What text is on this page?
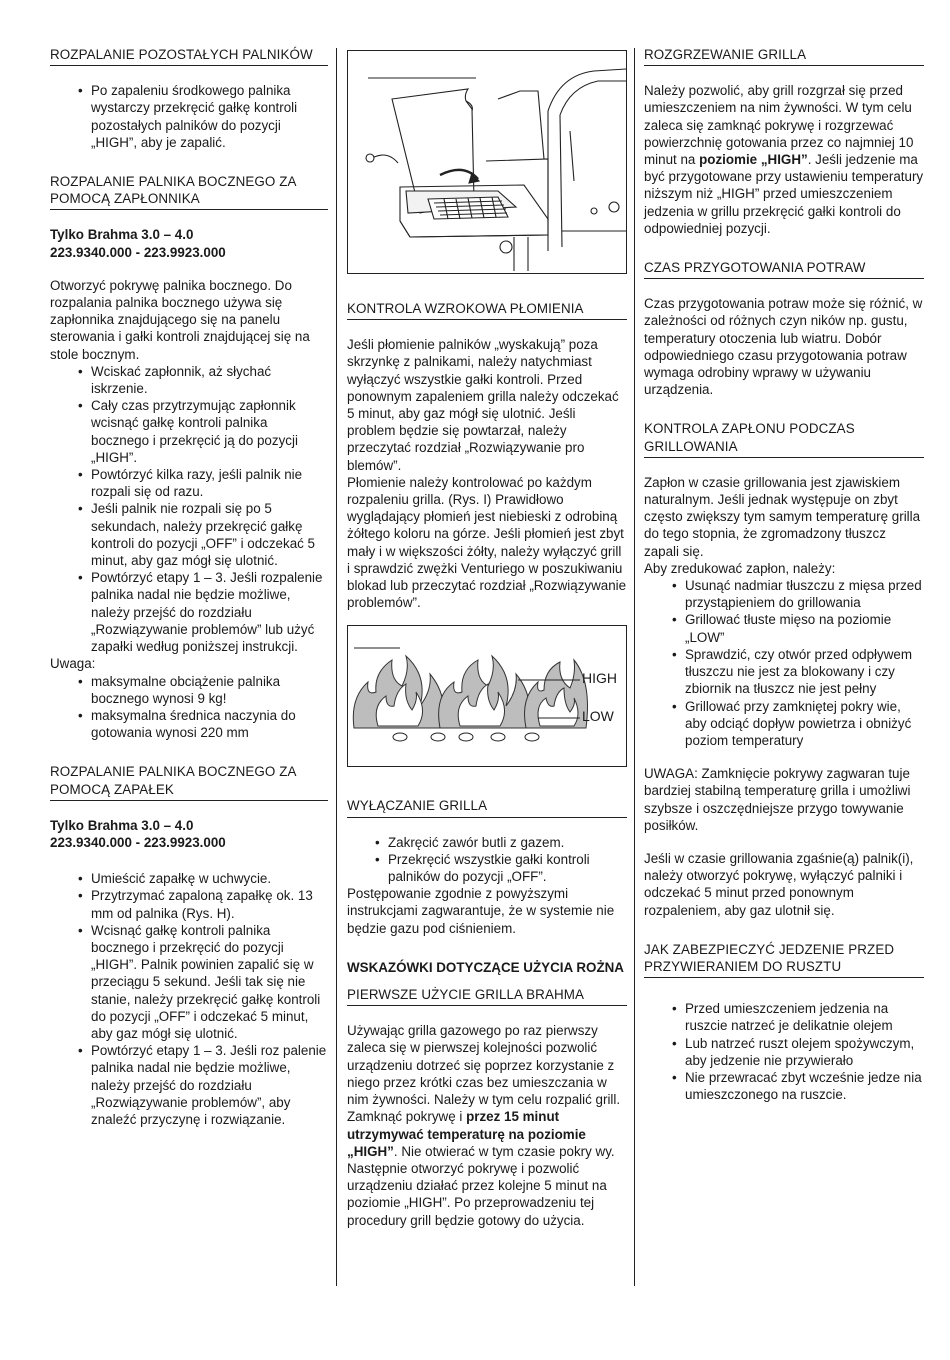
ROZPALANIE POZOSTAŁYCH PALNIKÓW
• Po zapaleniu środkowego palnika wystarczy przekręcić gałkę kontroli pozostałych palników do pozycji „HIGH”, aby je zapalić.
ROZPALANIE PALNIKA BOCZNEGO ZA POMOCĄ ZAPŁONNIKA
Tylko Brahma 3.0 – 4.0
223.9340.000 - 223.9923.000

Otworzyć pokrywę palnika bocznego. Do rozpalania palnika bocznego używa się zapłonnika znajdującego się na panelu sterowania i gałki kontroli znajdującej się na stole bocznym.

• Wciskać zapłonnik, aż słychać iskrzenie.
• Cały czas przytrzymując zapłonnik wcisnąć gałkę kontroli palnika bocznego i przekręcić ją do pozycji „HIGH”.
• Powtórzyć kilka razy, jeśli palnik nie rozpali się od razu.
• Jeśli palnik nie rozpali się po 5 sekundach, należy przekręcić gałkę kontroli do pozycji „OFF” i odczekać 5 minut, aby gaz mógł się ulotnić.
• Powtórzyć etapy 1 – 3. Jeśli rozpalenie palnika nadal nie będzie możliwe, należy przejść do rozdziału „Rozwiązywanie problemów” lub użyć zapałki według poniższej instrukcji.
Uwaga:
• maksymalne obciążenie palnika bocznego wynosi 9 kg!
• maksymalna średnica naczynia do gotowania wynosi 220 mm
ROZPALANIE PALNIKA BOCZNEGO ZA POMOCĄ ZAPAŁEK
Tylko Brahma 3.0 – 4.0
223.9340.000 - 223.9923.000
• Umieścić zapałkę w uchwycie.
• Przytrzymać zapaloną zapałkę ok. 13 mm od palnika (Rys. H).
• Wcisnąć gałkę kontroli palnika bocznego i przekręcić do pozycji „HIGH”. Palnik powinien zapalić się w przeciągu 5 sekund. Jeśli tak się nie stanie, należy przekręcić gałkę kontroli do pozycji „OFF” i odczekać 5 minut, aby gaz mógł się ulotnić.
• Powtórzyć etapy 1 – 3. Jeśli roz palenie palnika nadal nie będzie możliwe, należy przejść do rozdziału „Rozwiązywanie problemów”, aby znaleźć przyczynę i rozwiązanie.
KONTROLA WZROKOWA PŁOMIENIA

Jeśli płomienie palników „wyskakują” poza skrzynkę z palnikami, należy natychmiast wyłączyć wszystkie gałki kontroli. Przed ponownym zapaleniem grilla należy odczekać 5 minut, aby gaz mógł się ulotnić. Jeśli problem będzie się powtarzał, należy przeczytać rozdział „Rozwiązywanie pro blemów”.

Płomienie należy kontrolować po każdym rozpaleniu grilla. (Rys. I) Prawidłowo wyglądający płomień jest niebieski z odrobiną żółtego koloru na górze. Jeśli płomień jest zbyt mały i w większości żółty, należy wyłączyć grill i sprawdzić zwężki Venturiego w poszukiwaniu blokad lub przeczytać rozdział „Rozwiązywanie problemów”.

HIGH
LOW
WYŁĄCZANIE GRILLA
• Zakręcić zawór butli z gazem.
• Przekręcić wszystkie gałki kontroli palników do pozycji „OFF”.

Postępowanie zgodnie z powyższymi instrukcjami zagwarantuje, że w systemie nie będzie gazu pod ciśnieniem.

WSKAZÓWKI DOTYCZĄCE UŻYCIA ROŻNA
PIERWSZE UŻYCIE GRILLA BRAHMA

Używając grilla gazowego po raz pierwszy zaleca się w pierwszej kolejności pozwolić urządzeniu dotrzeć się poprzez korzystanie z niego przez krótki czas bez umieszczania w nim żywności. Należy w tym celu rozpalić grill. Zamknąć pokrywę i przez 15 minut utrzymywać temperaturę na poziomie „HIGH”. Nie otwierać w tym czasie pokry wy. Następnie otworzyć pokrywę i pozwolić urządzeniu działać przez kolejne 5 minut na poziomie „HIGH”. Po przeprowadzeniu tej procedury grill będzie gotowy do użycia.

ROZGRZEWANIE GRILLA

Należy pozwolić, aby grill rozgrzał się przed umieszczeniem na nim żywności. W tym celu zaleca się zamknąć pokrywę i rozgrzewać powierzchnię gotowania przez co najmniej 10 minut na poziomie „HIGH”. Jeśli jedzenie ma być przygotowane przy ustawieniu temperatury niższym niż „HIGH” przed umieszczeniem jedzenia w grillu przekręcić gałki kontroli do odpowiedniej pozycji.

CZAS PRZYGOTOWANIA POTRAW

Czas przygotowania potraw może się różnić, w zależności od różnych czyn ników np. gustu, temperatury otoczenia lub wiatru. Dobór odpowiedniego czasu przygotowania potraw wymaga odrobiny wprawy w używaniu urządzenia.

KONTROLA ZAPŁONU PODCZAS GRILLOWANIA

Zapłon w czasie grillowania jest zjawiskiem naturalnym. Jeśli jednak występuje on zbyt często zwiększy tym samym temperaturę grilla do tego stopnia, że zgromadzony tłuszcz zapali się.

Aby zredukować zapłon, należy:
• Usunąć nadmiar tłuszczu z mięsa przed przystąpieniem do grillowania
• Grillować tłuste mięso na poziomie „LOW”
• Sprawdzić, czy otwór przed odpływem tłuszczu nie jest za blokowany i czy zbiornik na tłuszcz nie jest pełny
• Grillować przy zamkniętej pokry wie, aby odciąć dopływ powietrza i obniżyć poziom temperatury

UWAGA: Zamknięcie pokrywy zagwaran tuje bardziej stabilną temperaturę grilla i umożliwi szybsze i oszczędniejsze przygo towywanie posiłków.

Jeśli w czasie grillowania zgaśnie(ą) palnik(i), należy otworzyć pokrywę, wyłączyć palniki i odczekać 5 minut przed ponownym rozpaleniem, aby gaz ulotnił się.

JAK ZABEZPIECZYĆ JEDZENIE PRZED PRZYWIERANIEM DO RUSZTU
• Przed umieszczeniem jedzenia na ruszcie natrzeć je delikatnie olejem
• Lub natrzeć ruszt olejem spożywczym, aby jedzenie nie przywierało
• Nie przewracać zbyt wcześnie jedze nia umieszczonego na ruszcie.
